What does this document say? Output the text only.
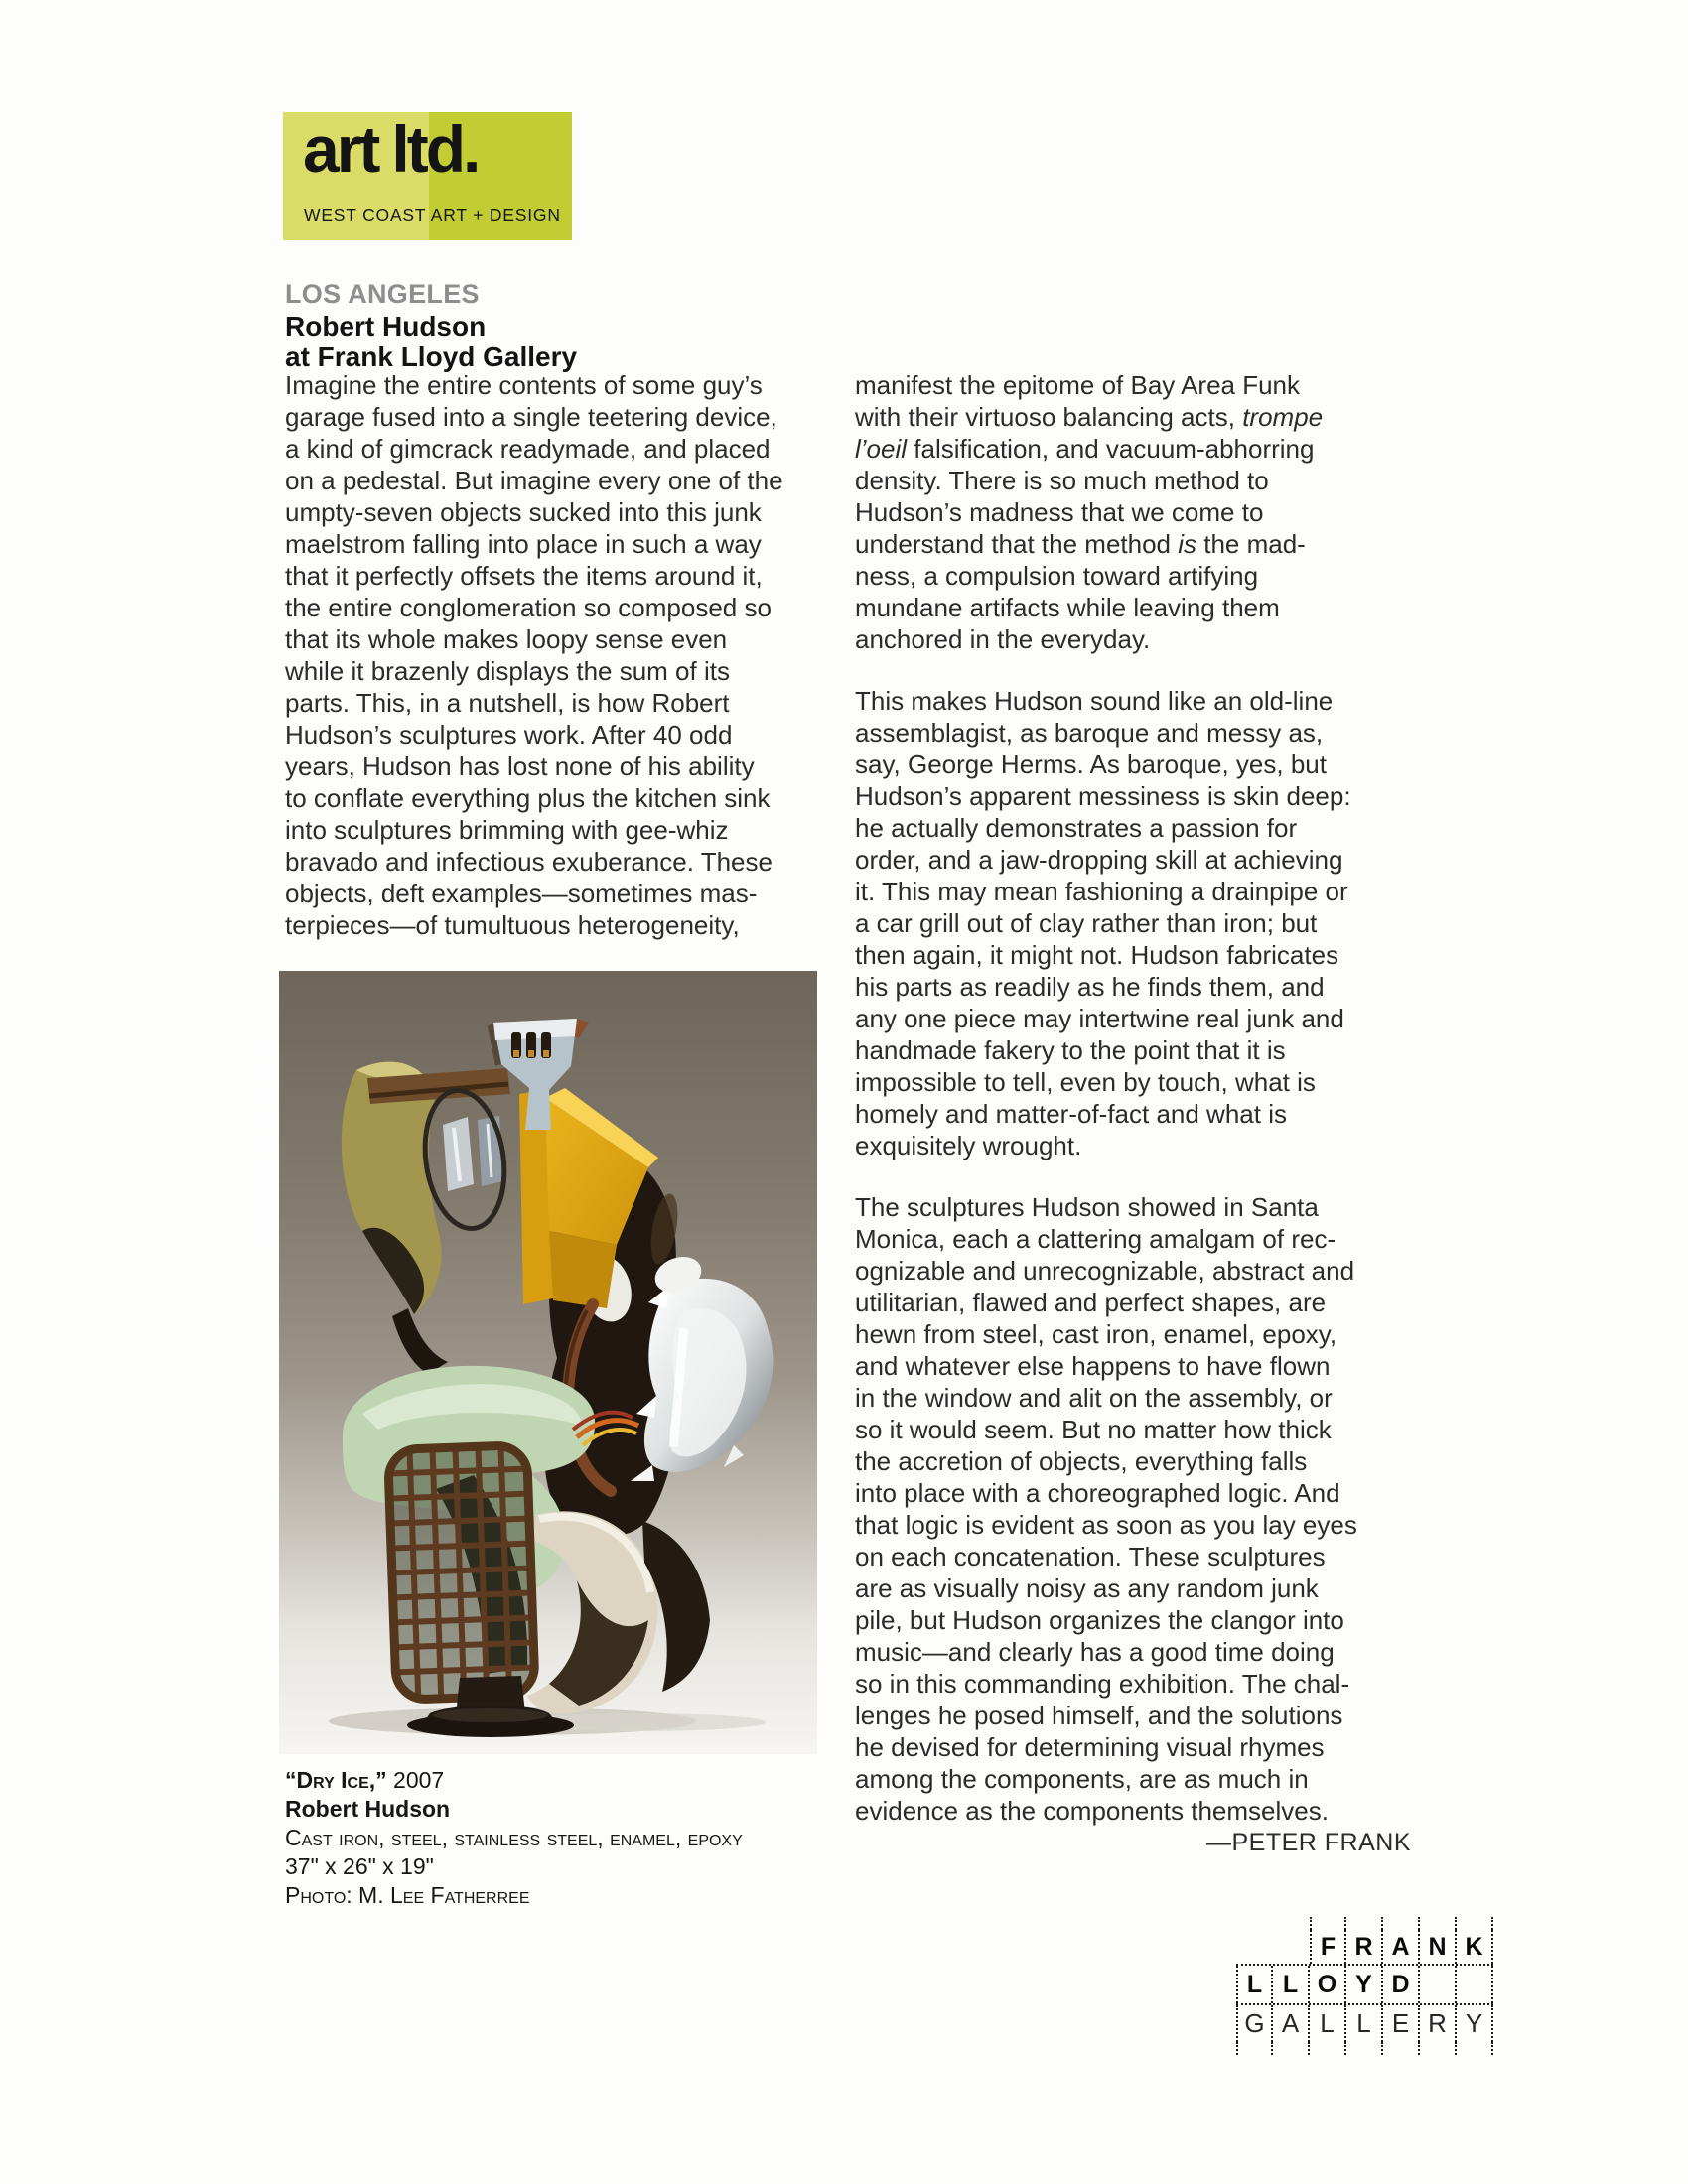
art ltd.
WEST COAST ART + DESIGN
LOS ANGELES
Robert Hudson
at Frank Lloyd Gallery
Imagine the entire contents of some guy’s
garage fused into a single teetering device,
a kind of gimcrack readymade, and placed
on a pedestal. But imagine every one of the
umpty-seven objects sucked into this junk
maelstrom falling into place in such a way
that it perfectly offsets the items around it,
the entire conglomeration so composed so
that its whole makes loopy sense even
while it brazenly displays the sum of its
parts. This, in a nutshell, is how Robert
Hudson’s sculptures work. After 40 odd
years, Hudson has lost none of his ability
to conflate everything plus the kitchen sink
into sculptures brimming with gee-whiz
bravado and infectious exuberance. These
objects, deft examples—sometimes mas-
terpieces—of tumultuous heterogeneity,
manifest the epitome of Bay Area Funk
with their virtuoso balancing acts, trompe
l’oeil falsification, and vacuum-abhorring
density. There is so much method to
Hudson’s madness that we come to
understand that the method is the mad-
ness, a compulsion toward artifying
mundane artifacts while leaving them
anchored in the everyday.
This makes Hudson sound like an old-line
assemblagist, as baroque and messy as,
say, George Herms. As baroque, yes, but
Hudson’s apparent messiness is skin deep:
he actually demonstrates a passion for
order, and a jaw-dropping skill at achieving
it. This may mean fashioning a drainpipe or
a car grill out of clay rather than iron; but
then again, it might not. Hudson fabricates
his parts as readily as he finds them, and
any one piece may intertwine real junk and
handmade fakery to the point that it is
impossible to tell, even by touch, what is
homely and matter-of-fact and what is
exquisitely wrought.
The sculptures Hudson showed in Santa
Monica, each a clattering amalgam of rec-
ognizable and unrecognizable, abstract and
utilitarian, flawed and perfect shapes, are
hewn from steel, cast iron, enamel, epoxy,
and whatever else happens to have flown
in the window and alit on the assembly, or
so it would seem. But no matter how thick
the accretion of objects, everything falls
into place with a choreographed logic. And
that logic is evident as soon as you lay eyes
on each concatenation. These sculptures
are as visually noisy as any random junk
pile, but Hudson organizes the clangor into
music—and clearly has a good time doing
so in this commanding exhibition. The chal-
lenges he posed himself, and the solutions
he devised for determining visual rhymes
among the components, are as much in
evidence as the components themselves.
—PETER FRANK
“Dry Ice,” 2007
Robert Hudson
Cast iron, steel, stainless steel, enamel, epoxy
37" x 26" x 19"
Photo: M. Lee Fatherree
F R A N K
L L O Y D
G A L L E R Y
